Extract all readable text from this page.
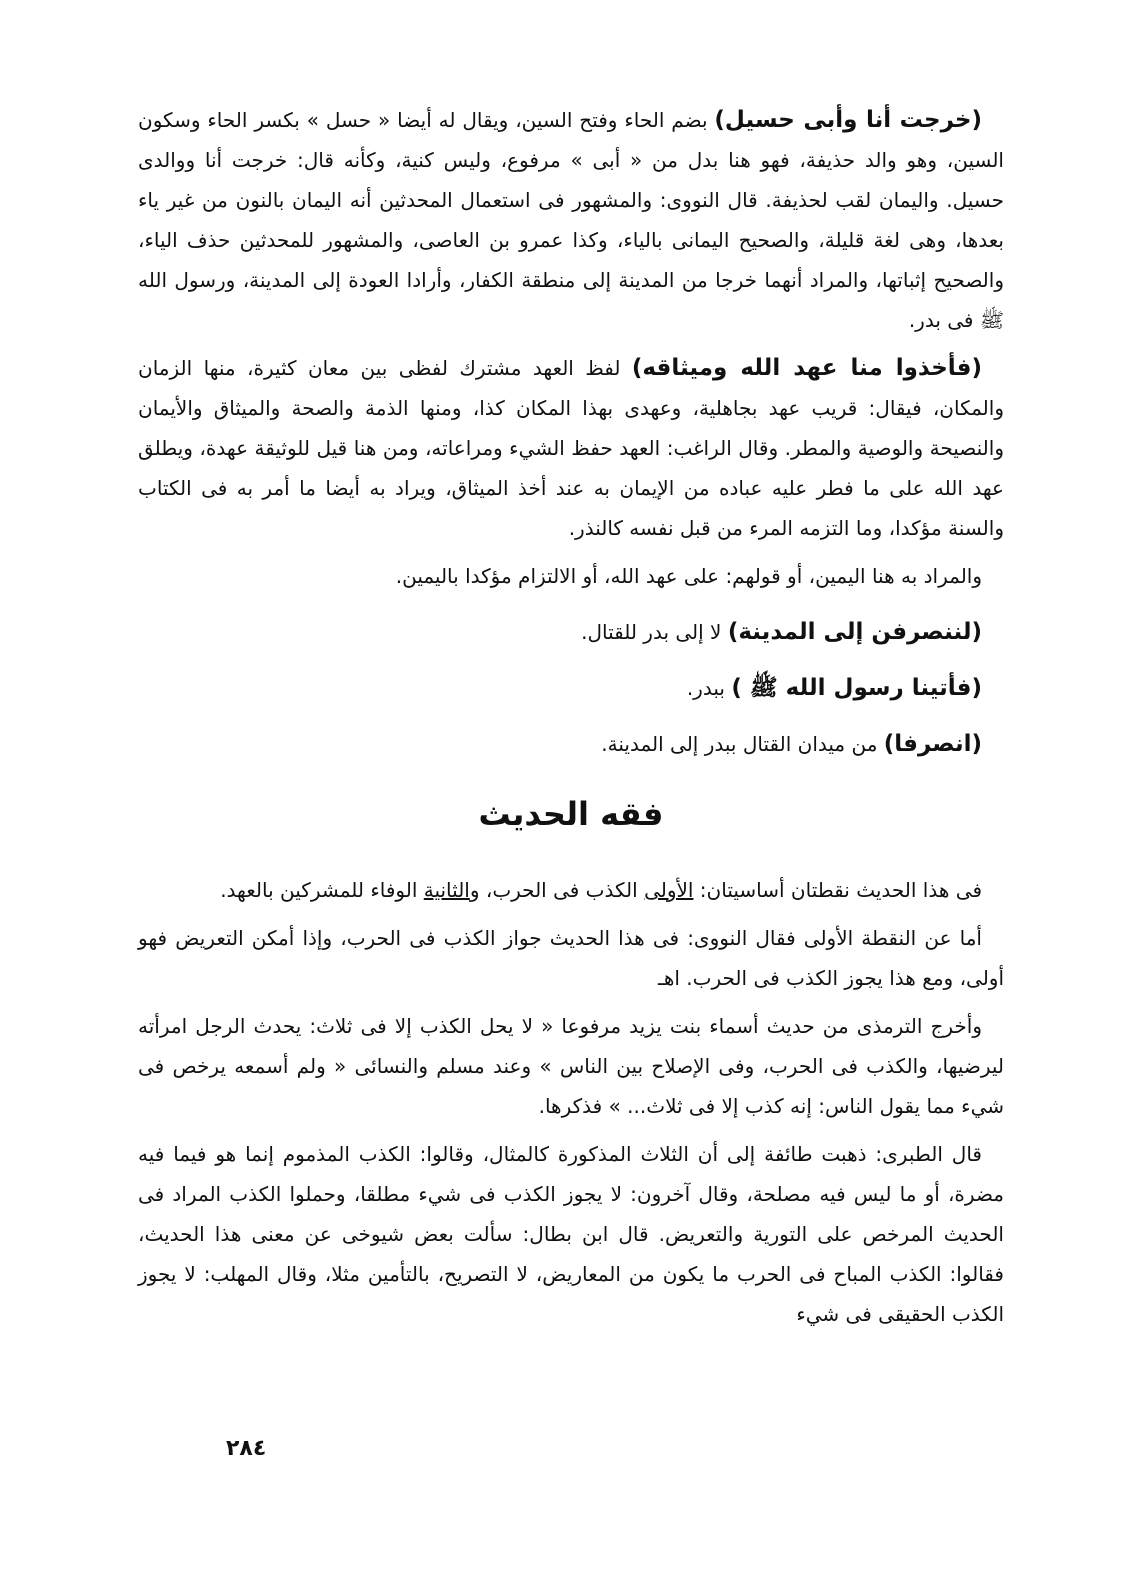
(خرجت أنا وأبى حسيل) بضم الحاء وفتح السين، ويقال له أيضا « حسل » بكسر الحاء وسكون السين، وهو والد حذيفة، فهو هنا بدل من « أبى » مرفوع، وليس كنية، وكأنه قال: خرجت أنا ووالدى حسيل. واليمان لقب لحذيفة. قال النووى: والمشهور فى استعمال المحدثين أنه اليمان بالنون من غير ياء بعدها، وهى لغة قليلة، والصحيح اليمانى بالياء، وكذا عمرو بن العاصى، والمشهور للمحدثين حذف الياء، والصحيح إثباتها، والمراد أنهما خرجا من المدينة إلى منطقة الكفار، وأرادا العودة إلى المدينة، ورسول الله ﷺ فى بدر.

(فأخذوا منا عهد الله وميثاقه) لفظ العهد مشترك لفظى بين معان كثيرة، منها الزمان والمكان، فيقال: قريب عهد بجاهلية، وعهدى بهذا المكان كذا، ومنها الذمة والصحة والميثاق والأيمان والنصيحة والوصية والمطر. وقال الراغب: العهد حفظ الشيء ومراعاته، ومن هنا قيل للوثيقة عهدة، ويطلق عهد الله على ما فطر عليه عباده من الإيمان به عند أخذ الميثاق، ويراد به أيضا ما أمر به فى الكتاب والسنة مؤكدا، وما التزمه المرء من قبل نفسه كالنذر.

والمراد به هنا اليمين، أو قولهم: على عهد الله، أو الالتزام مؤكدا باليمين.

(لننصرفن إلى المدينة) لا إلى بدر للقتال.

(فأتينا رسول الله ﷺ ) ببدر.

(انصرفا) من ميدان القتال ببدر إلى المدينة.

فقه الحديث

فى هذا الحديث نقطتان أساسيتان: الأولى الكذب فى الحرب، والثانية الوفاء للمشركين بالعهد.

أما عن النقطة الأولى فقال النووى: فى هذا الحديث جواز الكذب فى الحرب، وإذا أمكن التعريض فهو أولى، ومع هذا يجوز الكذب فى الحرب. اهـ

وأخرج الترمذى من حديث أسماء بنت يزيد مرفوعا « لا يحل الكذب إلا فى ثلاث: يحدث الرجل امرأته ليرضيها، والكذب فى الحرب، وفى الإصلاح بين الناس » وعند مسلم والنسائى « ولم أسمعه يرخص فى شيء مما يقول الناس: إنه كذب إلا فى ثلاث... » فذكرها.

قال الطبرى: ذهبت طائفة إلى أن الثلاث المذكورة كالمثال، وقالوا: الكذب المذموم إنما هو فيما فيه مضرة، أو ما ليس فيه مصلحة، وقال آخرون: لا يجوز الكذب فى شيء مطلقا، وحملوا الكذب المراد فى الحديث المرخص على التورية والتعريض. قال ابن بطال: سألت بعض شيوخى عن معنى هذا الحديث، فقالوا: الكذب المباح فى الحرب ما يكون من المعاريض، لا التصريح، بالتأمين مثلا، وقال المهلب: لا يجوز الكذب الحقيقى فى شيء

٢٨٤
